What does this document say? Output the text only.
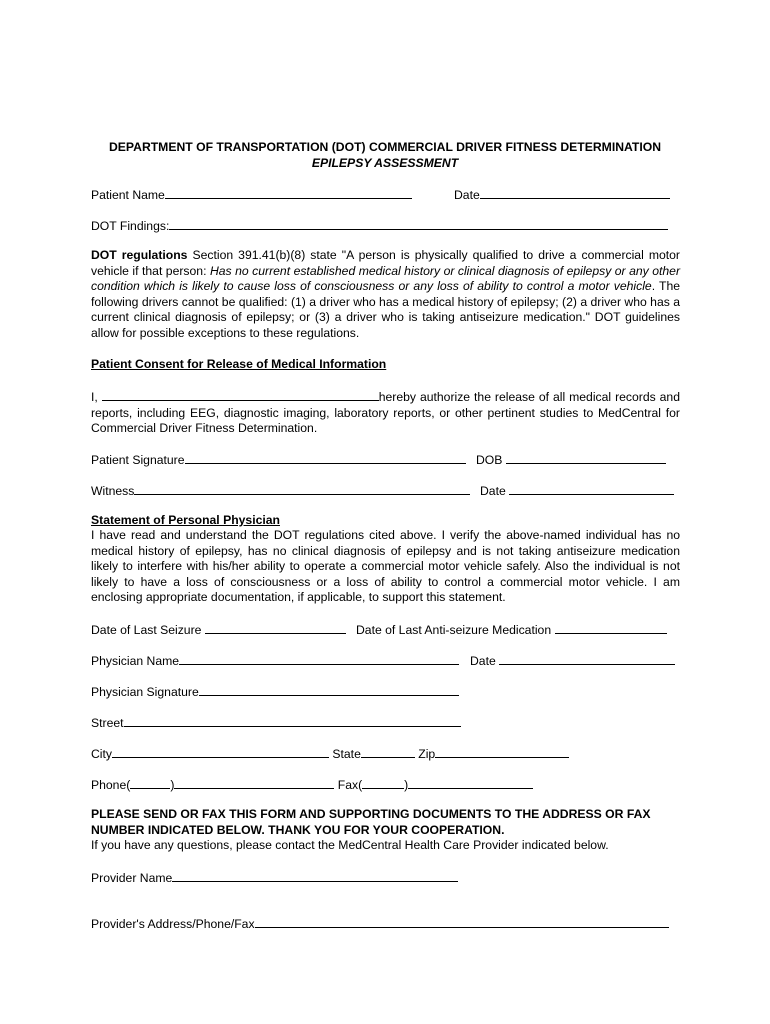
DEPARTMENT OF TRANSPORTATION (DOT) COMMERCIAL DRIVER FITNESS DETERMINATION
EPILEPSY ASSESSMENT
Patient Name	Date
DOT Findings:
DOT regulations Section 391.41(b)(8) state "A person is physically qualified to drive a commercial motor vehicle if that person: Has no current established medical history or clinical diagnosis of epilepsy or any other condition which is likely to cause loss of consciousness or any loss of ability to control a motor vehicle. The following drivers cannot be qualified: (1) a driver who has a medical history of epilepsy; (2) a driver who has a current clinical diagnosis of epilepsy; or (3) a driver who is taking antiseizure medication." DOT guidelines allow for possible exceptions to these regulations.
Patient Consent for Release of Medical Information
I,	hereby authorize the release of all medical records and reports, including EEG, diagnostic imaging, laboratory reports, or other pertinent studies to MedCentral for Commercial Driver Fitness Determination.
Patient Signature	DOB
Witness	Date
Statement of Personal Physician
I have read and understand the DOT regulations cited above. I verify the above-named individual has no medical history of epilepsy, has no clinical diagnosis of epilepsy and is not taking antiseizure medication likely to interfere with his/her ability to operate a commercial motor vehicle safely. Also the individual is not likely to have a loss of consciousness or a loss of ability to control a commercial motor vehicle. I am enclosing appropriate documentation, if applicable, to support this statement.
Date of Last Seizure	Date of Last Anti-seizure Medication
Physician Name	Date
Physician Signature
Street
City	State	Zip
Phone(	)	Fax(	)
PLEASE SEND OR FAX THIS FORM AND SUPPORTING DOCUMENTS TO THE ADDRESS OR FAX
NUMBER INDICATED BELOW. THANK YOU FOR YOUR COOPERATION.
If you have any questions, please contact the MedCentral Health Care Provider indicated below.
Provider Name
Provider's Address/Phone/Fax
